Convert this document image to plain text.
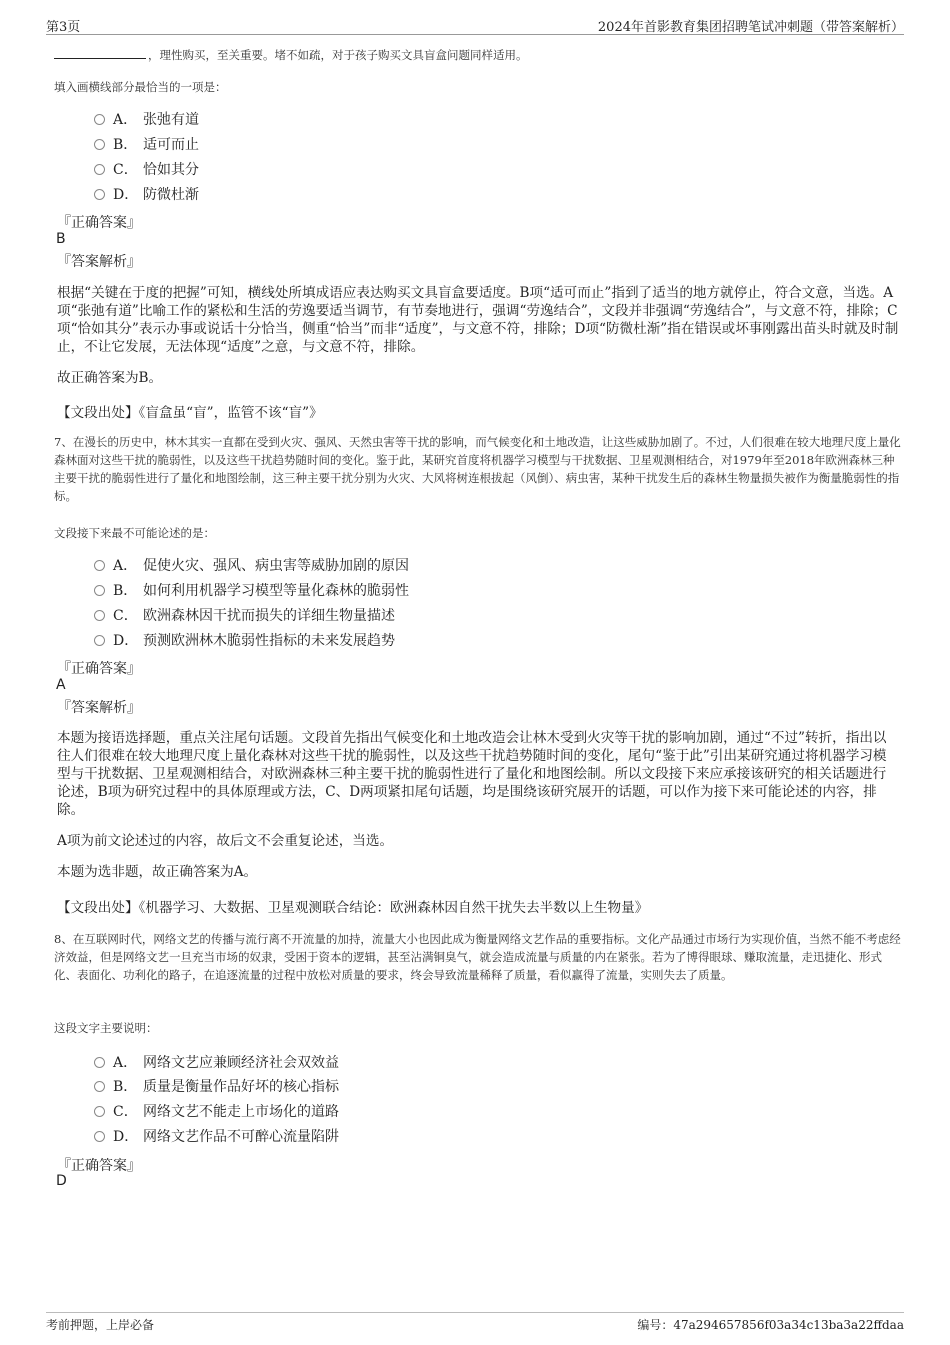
第3页	2024年首影教育集团招聘笔试冲刺题（带答案解析）
，理性购买，至关重要。堵不如疏，对于孩子购买文具盲盒问题同样适用。
填入画横线部分最恰当的一项是：
A． 张弛有道
B． 适可而止
C． 恰如其分
D． 防微杜渐
『正确答案』
B
『答案解析』
根据“关键在于度的把握”可知，横线处所填成语应表达购买文具盲盒要适度。B项“适可而止”指到了适当的地方就停止，符合文意，当选。A项“张弛有道”比喻工作的紧松和生活的劳逸要适当调节，有节奏地进行，强调“劳逸结合”，文段并非强调“劳逸结合”，与文意不符，排除；C项“恰如其分”表示办事或说话十分恰当，侧重“恰当”而非“适度”，与文意不符，排除；D项“防微杜渐”指在错误或坏事刚露出苗头时就及时制止，不让它发展，无法体现“适度”之意，与文意不符，排除。
故正确答案为B。
【文段出处】《盲盒虽“盲”，监管不该“盲”》
7、在漫长的历史中，林木其实一直都在受到火灾、强风、天然虫害等干扰的影响，而气候变化和土地改造，让这些威胁加剧了。不过，人们很难在较大地理尺度上量化森林面对这些干扰的脆弱性，以及这些干扰趋势随时间的变化。鉴于此，某研究首度将机器学习模型与干扰数据、卫星观测相结合，对1979年至2018年欧洲森林三种主要干扰的脆弱性进行了量化和地图绘制，这三种主要干扰分别为火灾、大风将树连根拔起（风倒）、病虫害，某种干扰发生后的森林生物量损失被作为衡量脆弱性的指标。
文段接下来最不可能论述的是：
A． 促使火灾、强风、病虫害等威胁加剧的原因
B． 如何利用机器学习模型等量化森林的脆弱性
C． 欧洲森林因干扰而损失的详细生物量描述
D． 预测欧洲林木脆弱性指标的未来发展趋势
『正确答案』
A
『答案解析』
本题为接语选择题，重点关注尾句话题。文段首先指出气候变化和土地改造会让林木受到火灾等干扰的影响加剧，通过“不过”转折，指出以往人们很难在较大地理尺度上量化森林对这些干扰的脆弱性，以及这些干扰趋势随时间的变化，尾句“鉴于此”引出某研究通过将机器学习模型与干扰数据、卫星观测相结合，对欧洲森林三种主要干扰的脆弱性进行了量化和地图绘制。所以文段接下来应承接该研究的相关话题进行论述，B项为研究过程中的具体原理或方法，C、D两项紧扣尾句话题，均是围绕该研究展开的话题，可以作为接下来可能论述的内容，排除。
A项为前文论述过的内容，故后文不会重复论述，当选。
本题为选非题，故正确答案为A。
【文段出处】《机器学习、大数据、卫星观测联合结论：欧洲森林因自然干扰失去半数以上生物量》
8、在互联网时代，网络文艺的传播与流行离不开流量的加持，流量大小也因此成为衡量网络文艺作品的重要指标。文化产品通过市场行为实现价值，当然不能不考虑经济效益，但是网络文艺一旦充当市场的奴隶，受困于资本的逻辑，甚至沾满铜臭气，就会造成流量与质量的内在紧张。若为了博得眼球、赚取流量，走迅捷化、形式化、表面化、功利化的路子，在追逐流量的过程中放松对质量的要求，终会导致流量稀释了质量，看似赢得了流量，实则失去了质量。
这段文字主要说明：
A． 网络文艺应兼顾经济社会双效益
B． 质量是衡量作品好坏的核心指标
C． 网络文艺不能走上市场化的道路
D． 网络文艺作品不可醉心流量陷阱
『正确答案』
D
考前押题，上岸必备	编号：47a294657856f03a34c13ba3a22ffdaa
